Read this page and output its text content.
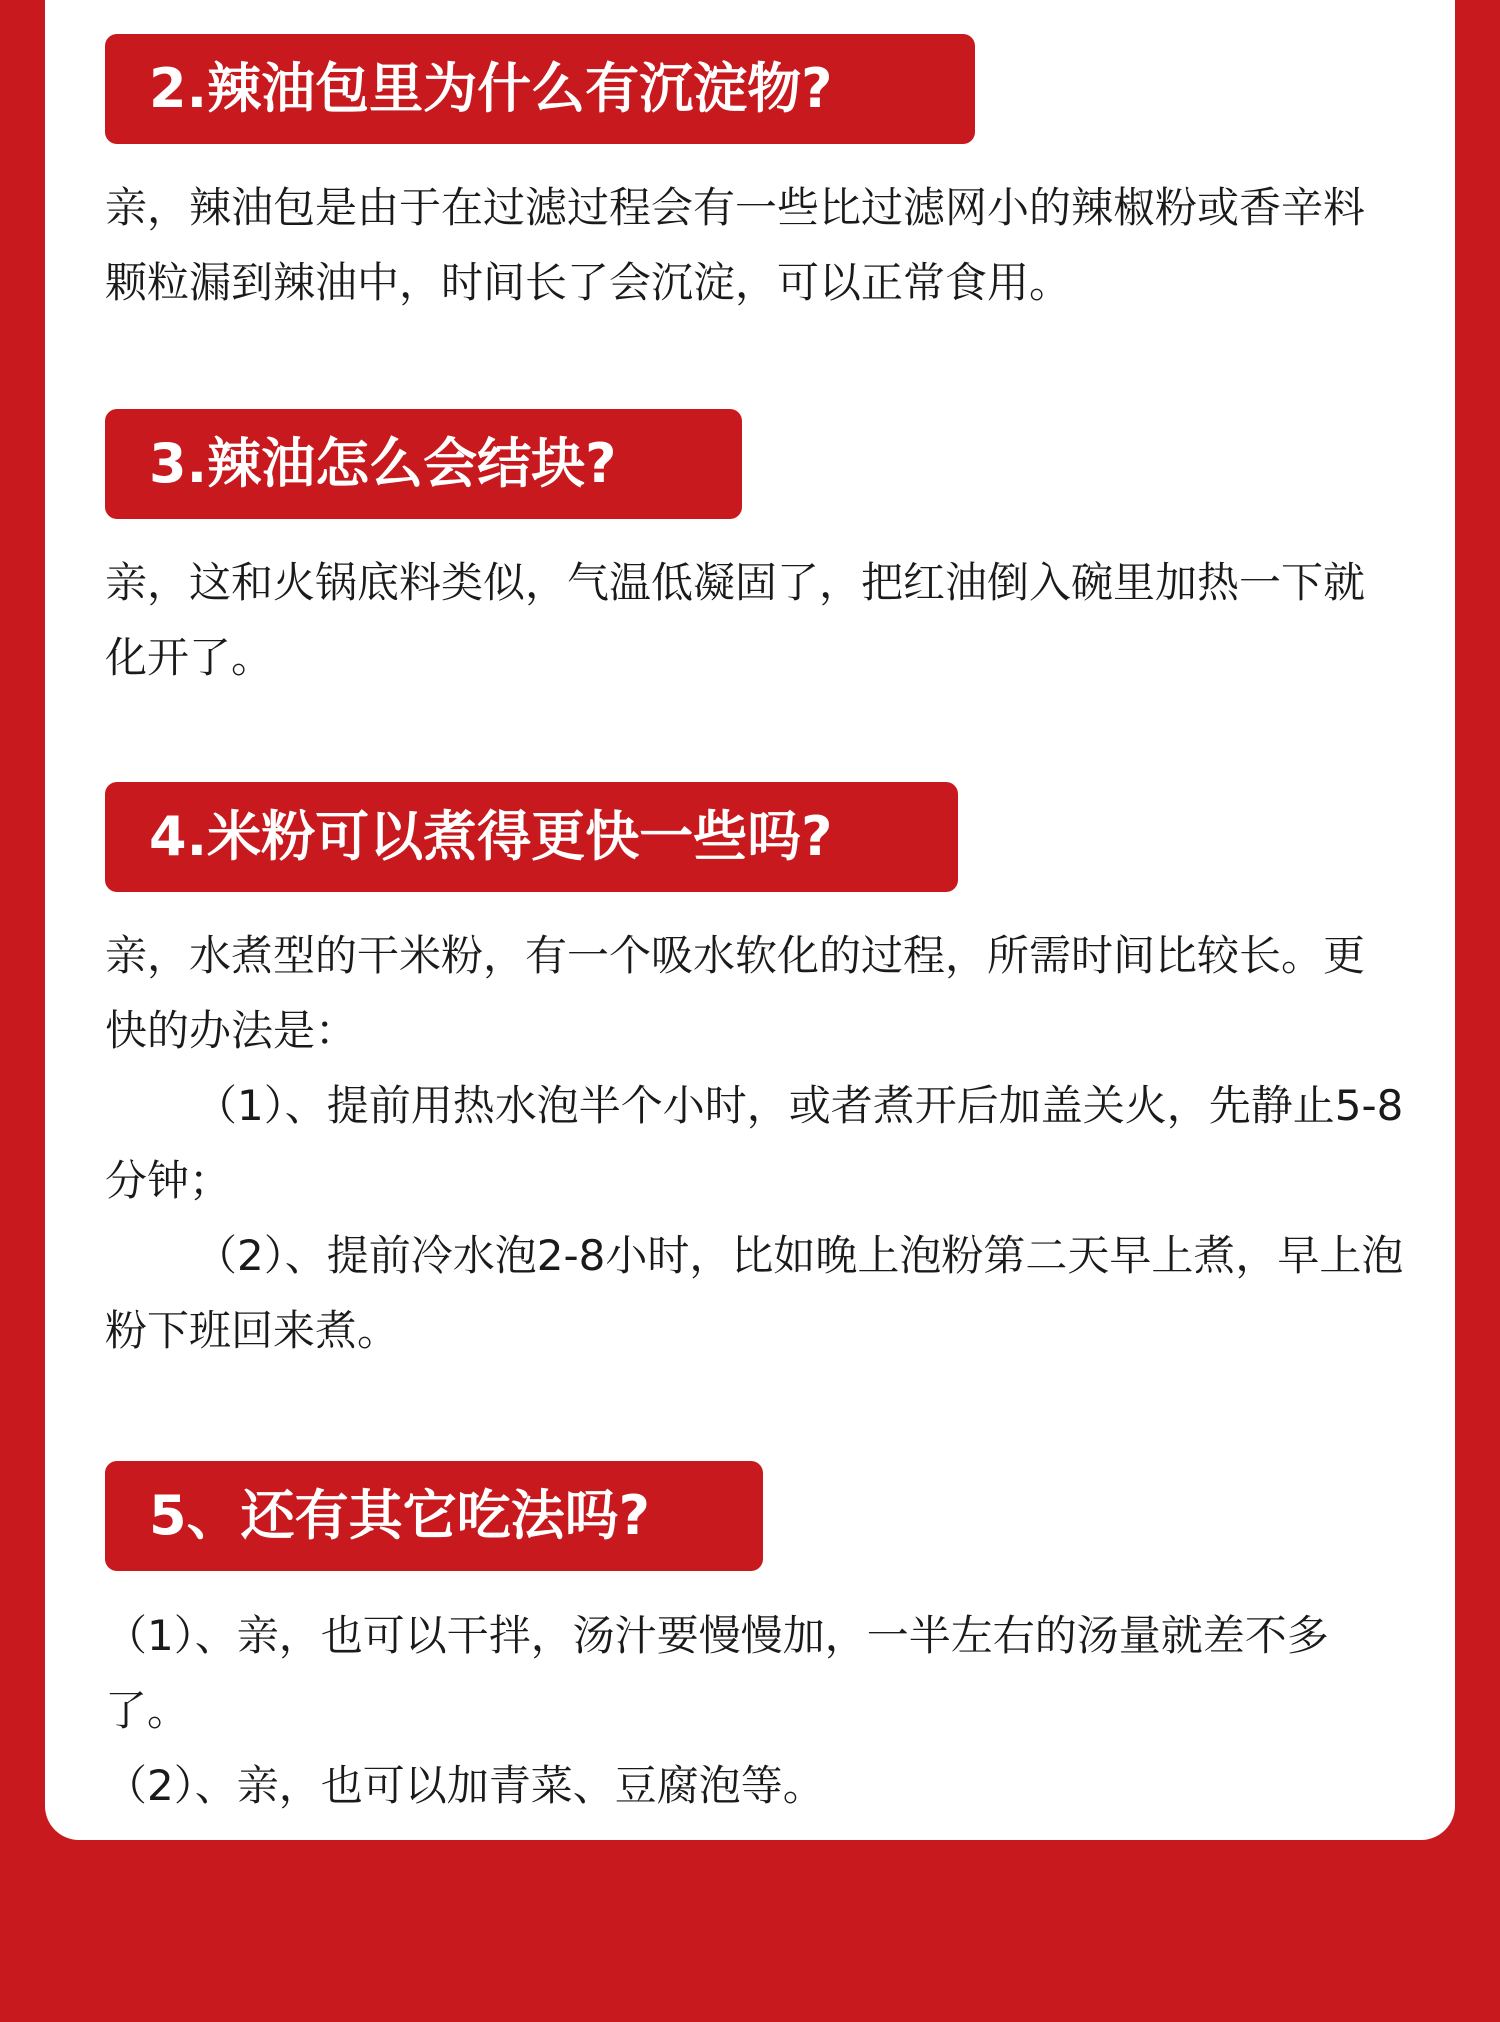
2.辣油包里为什么有沉淀物?

亲，辣油包是由于在过滤过程会有一些比过滤网小的辣椒粉或香辛料颗粒漏到辣油中，时间长了会沉淀，可以正常食用。

3.辣油怎么会结块?

亲，这和火锅底料类似，气温低凝固了，把红油倒入碗里加热一下就化开了。

4.米粉可以煮得更快一些吗?

亲，水煮型的干米粉，有一个吸水软化的过程，所需时间比较长。更快的办法是：

（1）、提前用热水泡半个小时，或者煮开后加盖关火，先静止5-8分钟；

（2）、提前冷水泡2-8小时，比如晚上泡粉第二天早上煮，早上泡粉下班回来煮。

5、还有其它吃法吗?

（1）、亲，也可以干拌，汤汁要慢慢加，一半左右的汤量就差不多了。

（2）、亲，也可以加青菜、豆腐泡等。
